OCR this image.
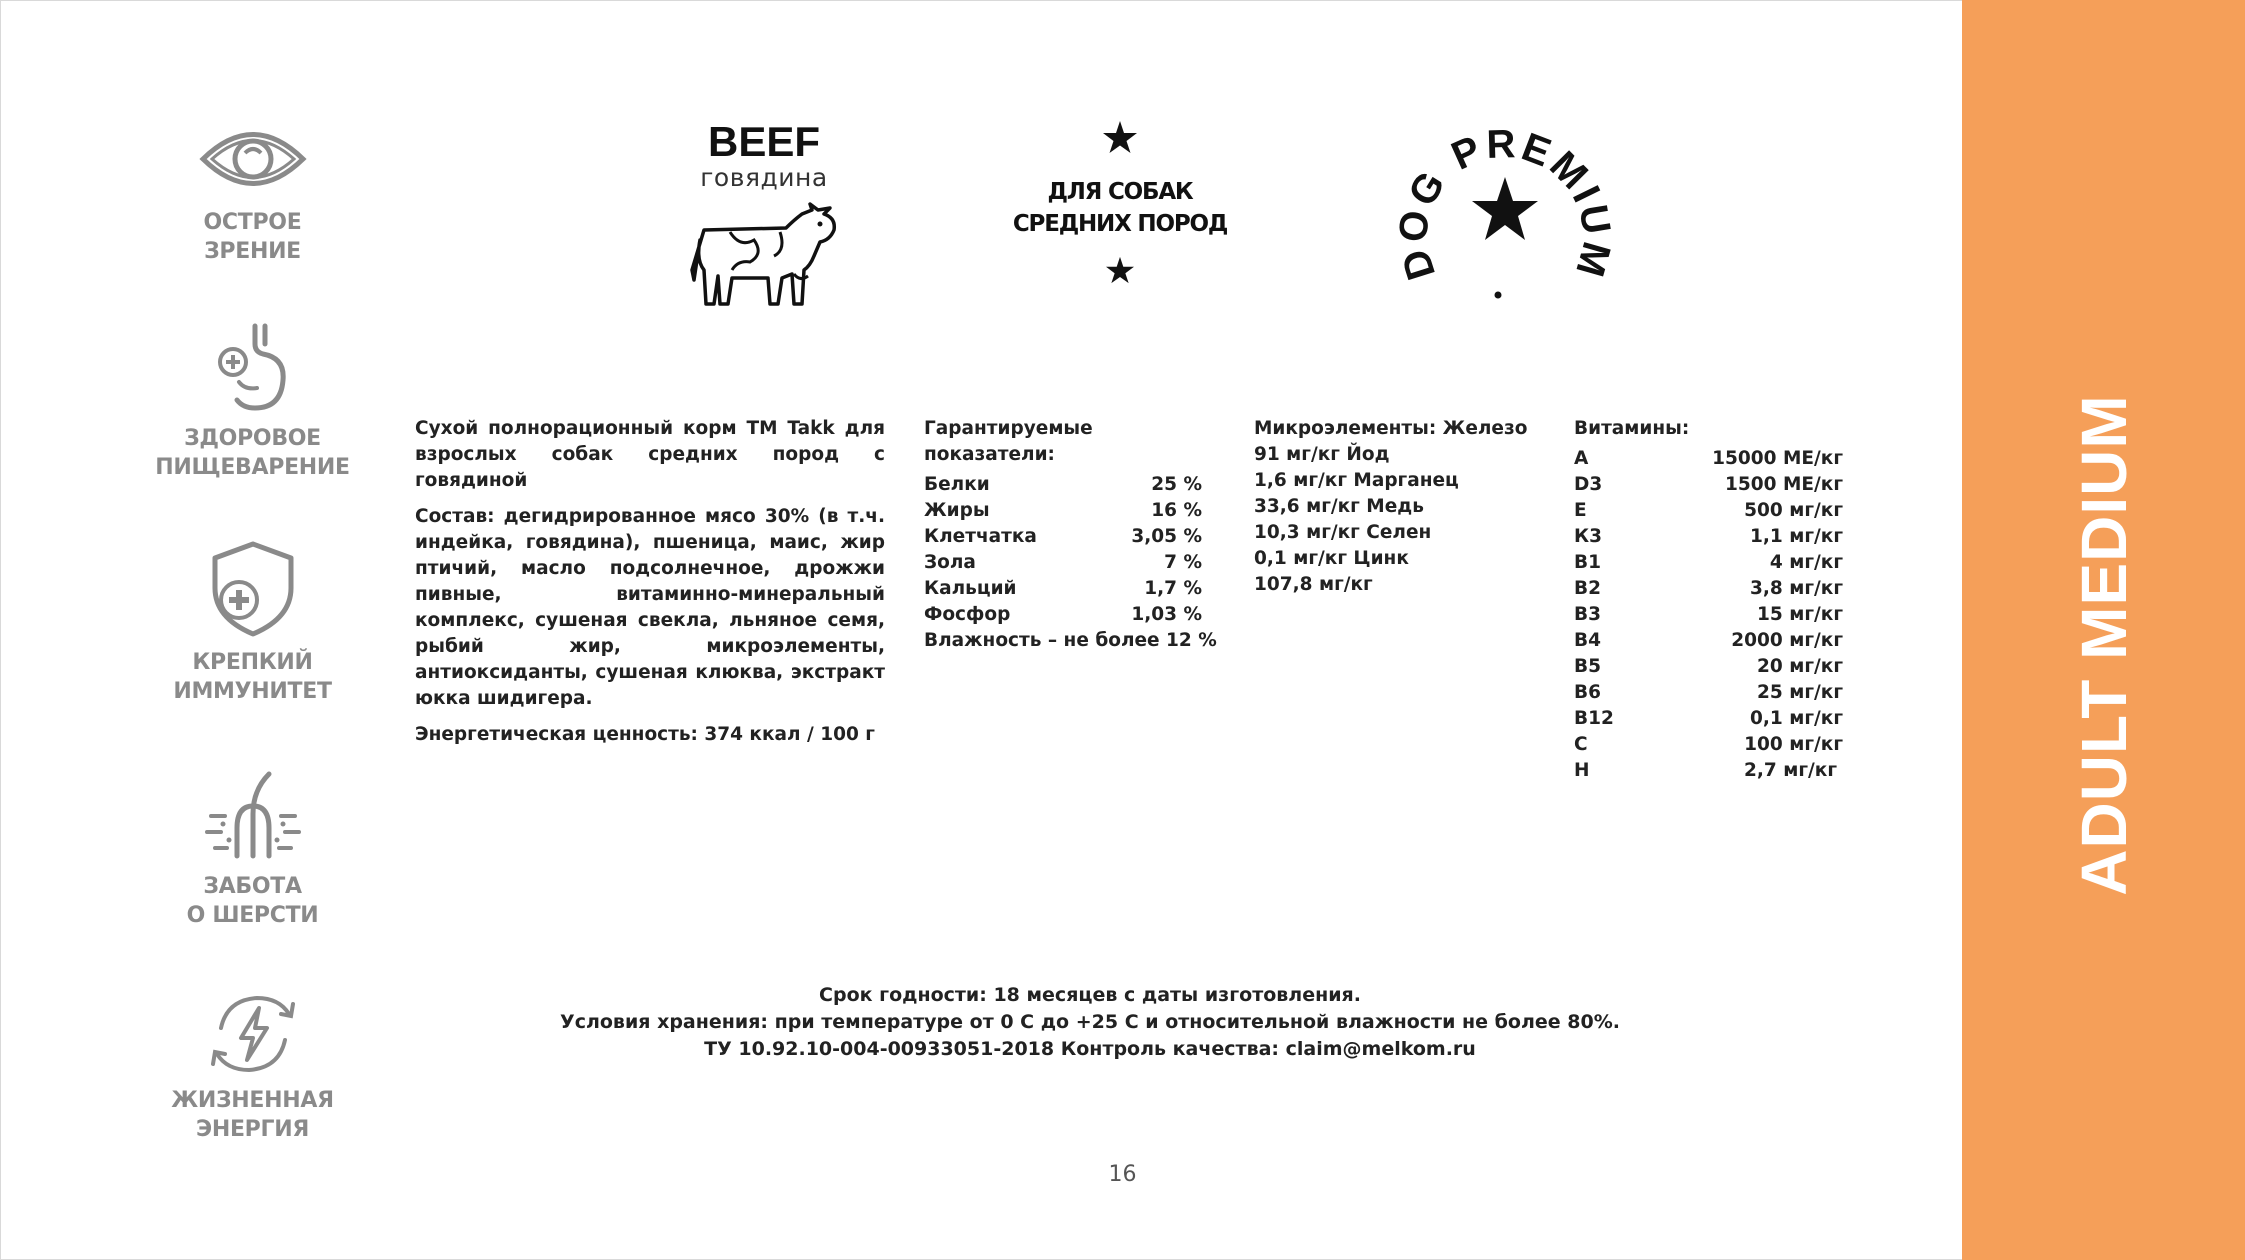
ADULT MEDIUM
ОСТРОЕ
ЗРЕНИЕ
ЗДОРОВОЕ
ПИЩЕВАРЕНИЕ
КРЕПКИЙ
ИММУНИТЕТ
ЗАБОТА
О ШЕРСТИ
ЖИЗНЕННАЯ
ЭНЕРГИЯ
BEEF
говядина	ДЛЯ СОБАК
СРЕДНИХ ПОРОД
DOG PREMIUM

Сухой полнорационный корм ТМ Takk для взрослых собак средних пород с говядиной

Состав: дегидрированное мясо 30% (в т.ч. индейка, говядина), пшеница, маис, жир птичий, масло подсолнечное, дрожжи пивные, витаминно-минеральный комплекс, сушеная свекла, льняное семя, рыбий жир, микроэлементы, антиоксиданты, сушеная клюква, экстракт юкка шидигера.

Энергетическая ценность: 374 ккал / 100 г

Гарантируемые показатели:
Белки	25 %
Жиры	16 %
Клетчатка	3,05 %
Зола	7 %
Кальций	1,7 %
Фосфор	1,03 %
Влажность – не более 12 %
Микроэлементы: Железо 91 мг/кг Йод
1,6 мг/кг Марганец
33,6 мг/кг Медь
10,3 мг/кг Селен
0,1 мг/кг Цинк
107,8 мг/кг
Витамины:
A	15000 МЕ/кг
D3	1500 МЕ/кг
E	500 мг/кг
К3	1,1 мг/кг
В1	4 мг/кг
В2	3,8 мг/кг
В3	15 мг/кг
В4	2000 мг/кг
В5	20 мг/кг
В6	25 мг/кг
В12	0,1 мг/кг
С	100 мг/кг
Н	2,7 мг/кг
Срок годности: 18 месяцев с даты изготовления.
Условия хранения: при температуре от 0 С до +25 С и относительной влажности не более 80%.
ТУ 10.92.10-004-00933051-2018 Контроль качества: claim@melkom.ru
16
